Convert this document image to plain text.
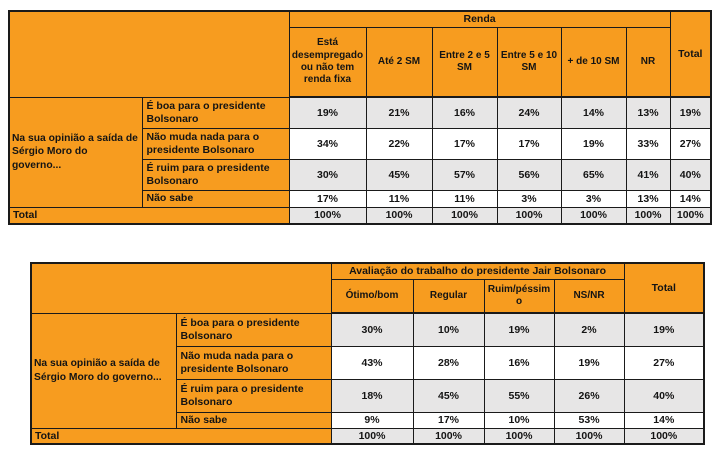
		Renda						Total
		Está desempregado ou não tem renda fixa	Até 2 SM	Entre 2 e 5 SM	Entre 5 e 10 SM	+ de 10 SM	NR	
Na sua opinião a saída de Sérgio Moro do governo...	É boa para o presidente Bolsonaro	19%	21%	16%	24%	14%	13%	19%
	Não muda nada para o presidente Bolsonaro	34%	22%	17%	17%	19%	33%	27%
	É ruim para o presidente Bolsonaro	30%	45%	57%	56%	65%	41%	40%
	Não sabe	17%	11%	11%	3%	3%	13%	14%
Total		100%	100%	100%	100%	100%	100%	100%
		Avaliação do trabalho do presidente Jair Bolsonaro				Total
		Ótimo/bom	Regular	Ruim/péssimo	NS/NR	
Na sua opinião a saída de Sérgio Moro do governo...	É boa para o presidente Bolsonaro	30%	10%	19%	2%	19%
	Não muda nada para o presidente Bolsonaro	43%	28%	16%	19%	27%
	É ruim para o presidente Bolsonaro	18%	45%	55%	26%	40%
	Não sabe	9%	17%	10%	53%	14%
Total		100%	100%	100%	100%	100%
